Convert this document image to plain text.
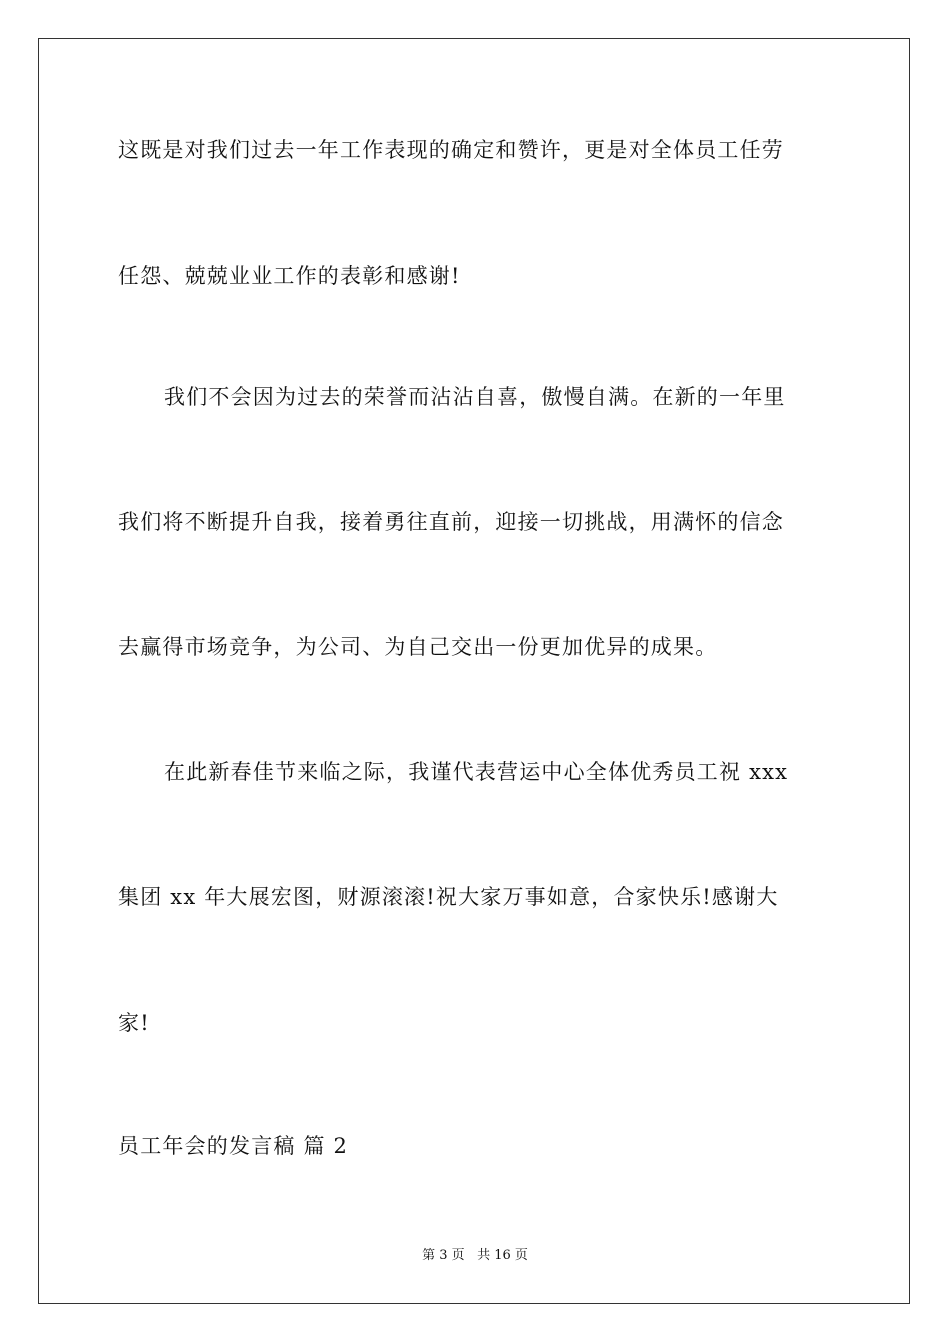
这既是对我们过去一年工作表现的确定和赞许，更是对全体员工任劳
任怨、兢兢业业工作的表彰和感谢!
我们不会因为过去的荣誉而沾沾自喜，傲慢自满。在新的一年里
我们将不断提升自我，接着勇往直前，迎接一切挑战，用满怀的信念
去赢得市场竞争，为公司、为自己交出一份更加优异的成果。
在此新春佳节来临之际，我谨代表营运中心全体优秀员工祝 xxx
集团 xx 年大展宏图，财源滚滚!祝大家万事如意，合家快乐!感谢大
家!
员工年会的发言稿 篇 2
第 3 页 共 16 页
